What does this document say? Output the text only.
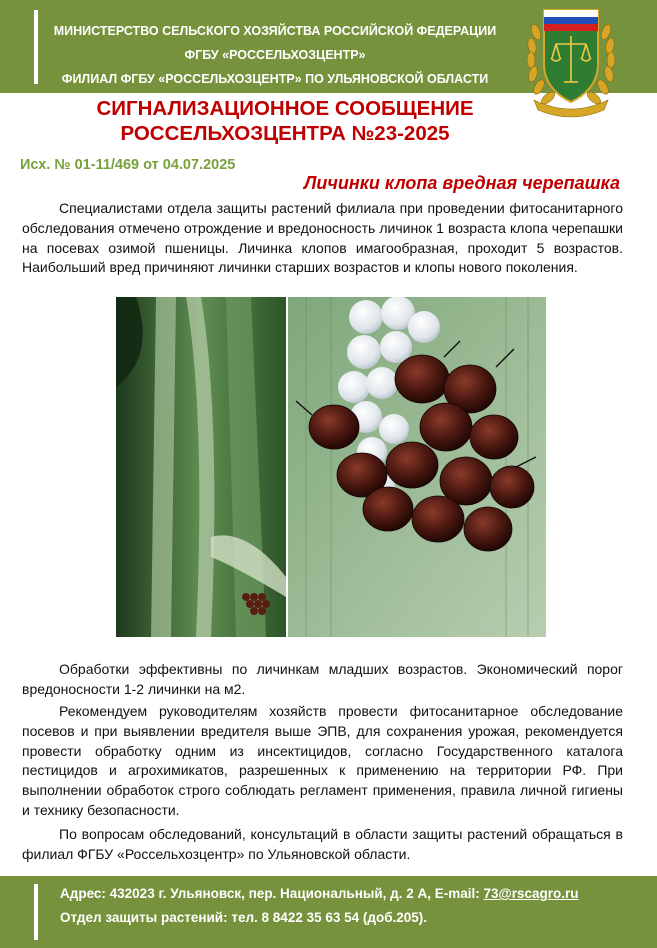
МИНИСТЕРСТВО СЕЛЬСКОГО ХОЗЯЙСТВА РОССИЙСКОЙ ФЕДЕРАЦИИ
ФГБУ «РОССЕЛЬХОЗЦЕНТР»
ФИЛИАЛ ФГБУ «РОССЕЛЬХОЗЦЕНТР» ПО УЛЬЯНОВСКОЙ ОБЛАСТИ
СИГНАЛИЗАЦИОННОЕ СООБЩЕНИЕ
РОССЕЛЬХОЗЦЕНТРА №23-2025
Исх. № 01-11/469 от 04.07.2025
Личинки клопа вредная черепашка

Специалистами отдела защиты растений филиала при проведении фитосанитарного обследования отмечено отрождение и вредоносность личинок 1 возраста клопа черепашки на посевах озимой пшеницы. Личинка клопов имагообразная, проходит 5 возрастов. Наибольший вред причиняют личинки старших возрастов и клопы нового поколения.

Обработки эффективны по личинкам младших возрастов. Экономический порог вредоносности 1-2 личинки на м2.

Рекомендуем руководителям хозяйств провести фитосанитарное обследование посевов и при выявлении вредителя выше ЭПВ, для сохранения урожая, рекомендуется провести обработку одним из инсектицидов, согласно Государственного каталога пестицидов и агрохимикатов, разрешенных к применению на территории РФ. При выполнении обработок строго соблюдать регламент применения, правила личной гигиены и технику безопасности.

По вопросам обследований, консультаций в области защиты растений обращаться в филиал ФГБУ «Россельхозцентр» по Ульяновской области.

Адрес: 432023 г. Ульяновск, пер. Национальный, д. 2 А, E-mail: 73@rscagro.ru
Отдел защиты растений: тел. 8 8422 35 63 54 (доб.205).
